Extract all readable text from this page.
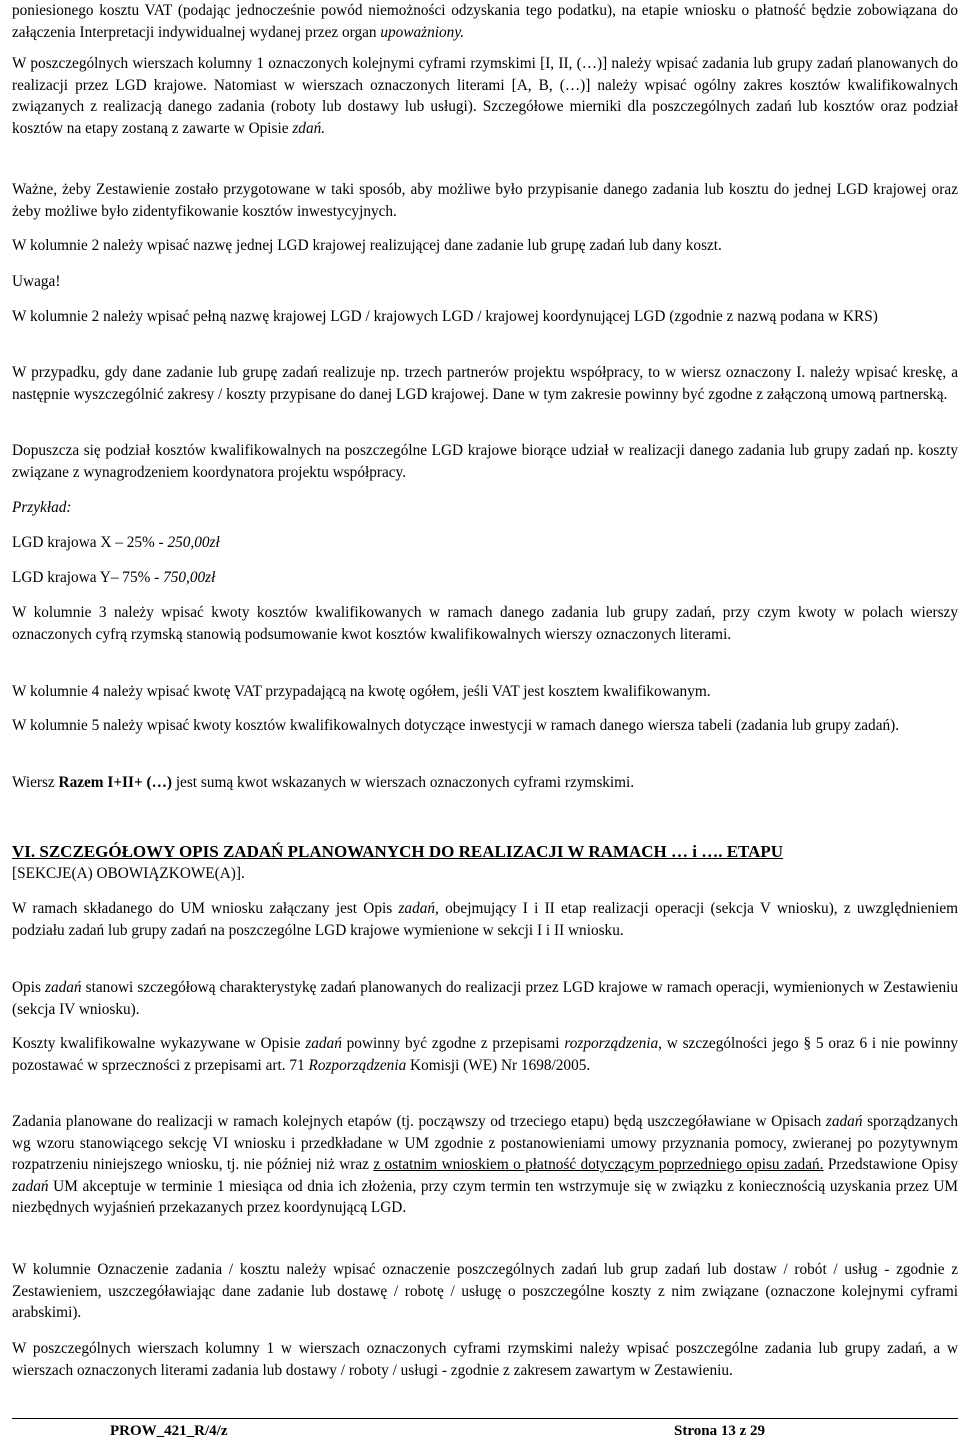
poniesionego kosztu VAT (podając jednocześnie powód niemożności odzyskania tego podatku), na etapie wniosku o płatność będzie zobowiązana do załączenia Interpretacji indywidualnej wydanej przez organ upoważniony.

W poszczególnych wierszach kolumny 1 oznaczonych kolejnymi cyframi rzymskimi [I, II, (…)] należy wpisać zadania lub grupy zadań planowanych do realizacji przez LGD krajowe. Natomiast w wierszach oznaczonych literami [A, B, (…)] należy wpisać ogólny zakres kosztów kwalifikowalnych związanych z realizacją danego zadania (roboty lub dostawy lub usługi). Szczegółowe mierniki dla poszczególnych zadań lub kosztów oraz podział kosztów na etapy zostaną z zawarte w Opisie zdań.

Ważne, żeby Zestawienie zostało przygotowane w taki sposób, aby możliwe było przypisanie danego zadania lub kosztu do jednej LGD krajowej oraz żeby możliwe było zidentyfikowanie kosztów inwestycyjnych.

W kolumnie 2 należy wpisać nazwę jednej LGD krajowej realizującej dane zadanie lub grupę zadań lub dany koszt.

Uwaga!

W kolumnie 2 należy wpisać pełną nazwę krajowej LGD / krajowych LGD / krajowej koordynującej LGD (zgodnie z nazwą podana w KRS)

W przypadku, gdy dane zadanie lub grupę zadań realizuje np. trzech partnerów projektu współpracy, to w wiersz oznaczony I. należy wpisać kreskę, a następnie wyszczególnić zakresy / koszty przypisane do danej LGD krajowej. Dane w tym zakresie powinny być zgodne z załączoną umową partnerską.

Dopuszcza się podział kosztów kwalifikowalnych na poszczególne LGD krajowe biorące udział w realizacji danego zadania lub grupy zadań np. koszty związane z wynagrodzeniem koordynatora projektu współpracy.

Przykład:

LGD krajowa X – 25% - 250,00zł

LGD krajowa Y– 75% - 750,00zł

W kolumnie 3 należy wpisać kwoty kosztów kwalifikowanych w ramach danego zadania lub grupy zadań, przy czym kwoty w polach wierszy oznaczonych cyfrą rzymską stanowią podsumowanie kwot kosztów kwalifikowalnych wierszy oznaczonych literami.

W kolumnie 4 należy wpisać kwotę VAT przypadającą na kwotę ogółem, jeśli VAT jest kosztem kwalifikowanym.

W kolumnie 5 należy wpisać kwoty kosztów kwalifikowalnych dotyczące inwestycji w ramach danego wiersza tabeli (zadania lub grupy zadań).

Wiersz Razem I+II+ (…) jest sumą kwot wskazanych w wierszach oznaczonych cyframi rzymskimi.

VI. SZCZEGÓŁOWY OPIS ZADAŃ PLANOWANYCH DO REALIZACJI W RAMACH … i …. ETAPU

[SEKCJE(A) OBOWIĄZKOWE(A)].

W ramach składanego do UM wniosku załączany jest Opis zadań, obejmujący I i II etap realizacji operacji (sekcja V wniosku), z uwzględnieniem podziału zadań lub grupy zadań na poszczególne LGD krajowe wymienione w sekcji I i II wniosku.

Opis zadań stanowi szczegółową charakterystykę zadań planowanych do realizacji przez LGD krajowe w ramach operacji, wymienionych w Zestawieniu (sekcja IV wniosku).

Koszty kwalifikowalne wykazywane w Opisie zadań powinny być zgodne z przepisami rozporządzenia, w szczególności jego § 5 oraz 6 i nie powinny pozostawać w sprzeczności z przepisami art. 71 Rozporządzenia Komisji (WE) Nr 1698/2005.

Zadania planowane do realizacji w ramach kolejnych etapów (tj. począwszy od trzeciego etapu) będą uszczegóławiane w Opisach zadań sporządzanych wg wzoru stanowiącego sekcję VI wniosku i przedkładane w UM zgodnie z postanowieniami umowy przyznania pomocy, zwieranej po pozytywnym rozpatrzeniu niniejszego wniosku, tj. nie później niż wraz z ostatnim wnioskiem o płatność dotyczącym poprzedniego opisu zadań. Przedstawione Opisy zadań UM akceptuje w terminie 1 miesiąca od dnia ich złożenia, przy czym termin ten wstrzymuje się w związku z koniecznością uzyskania przez UM niezbędnych wyjaśnień przekazanych przez koordynującą LGD.

W kolumnie Oznaczenie zadania / kosztu należy wpisać oznaczenie poszczególnych zadań lub grup zadań lub dostaw / robót / usług - zgodnie z Zestawieniem, uszczegóławiając dane zadanie lub dostawę / robotę / usługę o poszczególne koszty z nim związane (oznaczone kolejnymi cyframi arabskimi).

W poszczególnych wierszach kolumny 1 w wierszach oznaczonych cyframi rzymskimi należy wpisać poszczególne zadania lub grupy zadań, a w wierszach oznaczonych literami zadania lub dostawy / roboty / usługi - zgodnie z zakresem zawartym w Zestawieniu.

PROW_421_R/4/z	Strona 13 z 29
